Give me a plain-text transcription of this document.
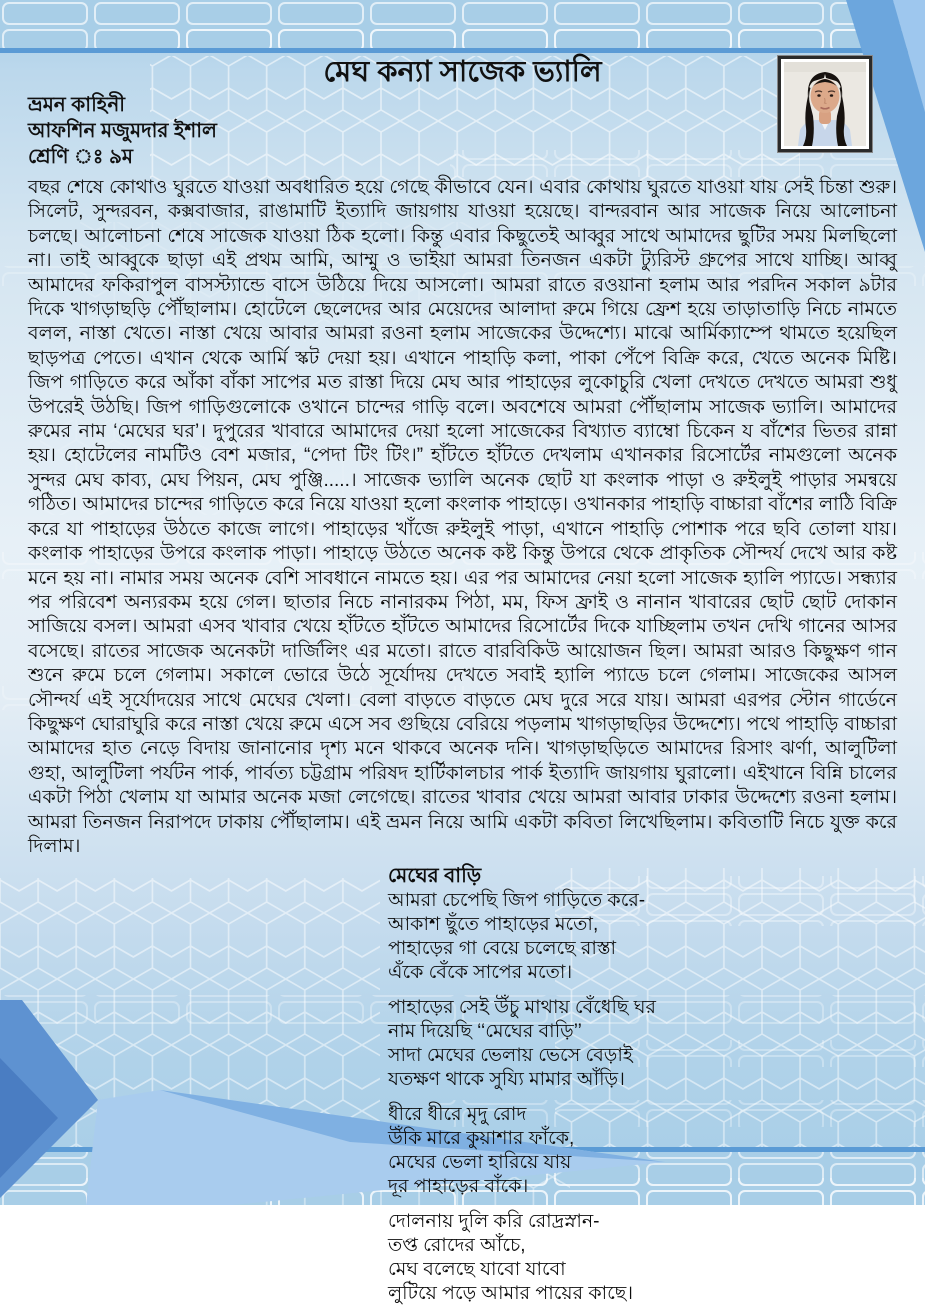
মেঘ কন্যা সাজেক ভ্যালি
ভ্রমন কাহিনী
আফশিন মজুমদার ইশাল
শ্রেণি ঃ ৯ম

বছর শেষে কোথাও ঘুরতে যাওয়া অবধারিত হয়ে গেছে কীভাবে যেন। এবার কোথায় ঘুরতে যাওয়া যায় সেই চিন্তা শুরু। সিলেট, সুন্দরবন, কক্সবাজার, রাঙামাটি ইত্যাদি জায়গায় যাওয়া হয়েছে। বান্দরবান আর সাজেক নিয়ে আলোচনা চলছে। আলোচনা শেষে সাজেক যাওয়া ঠিক হলো। কিন্তু এবার কিছুতেই আব্বুর সাথে আমাদের ছুটির সময় মিলছিলো না। তাই আব্বুকে ছাড়া এই প্রথম আমি, আম্মু ও ভাইয়া আমরা তিনজন একটা ট্যুরিস্ট গ্রুপের সাথে যাচ্ছি। আব্বু আমাদের ফকিরাপুল বাসস্ট্যান্ডে বাসে উঠিয়ে দিয়ে আসলো। আমরা রাতে রওয়ানা হলাম আর পরদিন সকাল ৯টার দিকে খাগড়াছড়ি পৌঁছালাম। হোটেলে ছেলেদের আর মেয়েদের আলাদা রুমে গিয়ে ফ্রেশ হয়ে তাড়াতাড়ি নিচে নামতে বলল, নাস্তা খেতে। নাস্তা খেয়ে আবার আমরা রওনা হলাম সাজেকের উদ্দেশ্যে। মাঝে আর্মিক্যাম্পে থামতে হয়েছিল ছাড়পত্র পেতে। এখান থেকে আর্মি স্কট দেয়া হয়। এখানে পাহাড়ি কলা, পাকা পেঁপে বিক্রি করে, খেতে অনেক মিষ্টি। জিপ গাড়িতে করে আঁকা বাঁকা সাপের মত রাস্তা দিয়ে মেঘ আর পাহাড়ের লুকোচুরি খেলা দেখতে দেখতে আমরা শুধু উপরেই উঠছি। জিপ গাড়িগুলোকে ওখানে চান্দের গাড়ি বলে। অবশেষে আমরা পৌঁছালাম সাজেক ভ্যালি। আমাদের রুমের নাম ‘মেঘের ঘর’। দুপুরের খাবারে আমাদের দেয়া হলো সাজেকের বিখ্যাত ব্যাম্বো চিকেন য বাঁশের ভিতর রান্না হয়। হোটেলের নামটিও বেশ মজার, “পেদা টিং টিং।” হাঁটতে হাঁটতে দেখলাম এখানকার রিসোর্টের নামগুলো অনেক সুন্দর মেঘ কাব্য, মেঘ পিয়ন, মেঘ পুঞ্জি.....। সাজেক ভ্যালি অনেক ছোট যা কংলাক পাড়া ও রুইলুই পাড়ার সমন্বয়ে গঠিত। আমাদের চান্দের গাড়িতে করে নিয়ে যাওয়া হলো কংলাক পাহাড়ে। ওখানকার পাহাড়ি বাচ্চারা বাঁশের লাঠি বিক্রি করে যা পাহাড়ের উঠতে কাজে লাগে। পাহাড়ের খাঁজে রুইলুই পাড়া, এখানে পাহাড়ি পোশাক পরে ছবি তোলা যায়। কংলাক পাহাড়ের উপরে কংলাক পাড়া। পাহাড়ে উঠতে অনেক কষ্ট কিন্তু উপরে থেকে প্রাকৃতিক সৌন্দর্য দেখে আর কষ্ট মনে হয় না। নামার সময় অনেক বেশি সাবধানে নামতে হয়। এর পর আমাদের নেয়া হলো সাজেক হ্যালি প্যাডে। সন্ধ্যার পর পরিবেশ অন্যরকম হয়ে গেল। ছাতার নিচে নানারকম পিঠা, মম, ফিস ফ্রাই ও নানান খাবারের ছোট ছোট দোকান সাজিয়ে বসল। আমরা এসব খাবার খেয়ে হাঁটতে হাঁটতে আমাদের রিসোর্টের দিকে যাচ্ছিলাম তখন দেখি গানের আসর বসেছে। রাতের সাজেক অনেকটা দার্জিলিং এর মতো। রাতে বারবিকিউ আয়োজন ছিল। আমরা আরও কিছুক্ষণ গান শুনে রুমে চলে গেলাম। সকালে ভোরে উঠে সূর্যোদয় দেখতে সবাই হ্যালি প্যাডে চলে গেলাম। সাজেকের আসল সৌন্দর্য এই সূর্যোদয়ের সাথে মেঘের খেলা। বেলা বাড়তে বাড়তে মেঘ দুরে সরে যায়। আমরা এরপর স্টোন গার্ডেনে কিছুক্ষণ ঘোরাঘুরি করে নাস্তা খেয়ে রুমে এসে সব গুছিয়ে বেরিয়ে পড়লাম খাগড়াছড়ির উদ্দেশ্যে। পথে পাহাড়ি বাচ্চারা আমাদের হাত নেড়ে বিদায় জানানোর দৃশ্য মনে থাকবে অনেক দনি। খাগড়াছড়িতে আমাদের রিসাং ঝর্ণা, আলুটিলা গুহা, আলুটিলা পর্যটন পার্ক, পার্বত্য চট্টগ্রাম পরিষদ হার্টিকালচার পার্ক ইত্যাদি জায়গায় ঘুরালো। এইখানে বিন্নি চালের একটা পিঠা খেলাম যা আমার অনেক মজা লেগেছে। রাতের খাবার খেয়ে আমরা আবার ঢাকার উদ্দেশ্যে রওনা হলাম। আমরা তিনজন নিরাপদে ঢাকায় পৌঁছালাম। এই ভ্রমন নিয়ে আমি একটা কবিতা লিখেছিলাম। কবিতাটি নিচে যুক্ত করে দিলাম।

মেঘের বাড়ি
আমরা চেপেছি জিপ গাড়িতে করে-
আকাশ ছুঁতে পাহাড়ের মতো,
পাহাড়ের গা বেয়ে চলেছে রাস্তা
এঁকে বেঁকে সাপের মতো।
পাহাড়ের সেই উঁচু মাথায় বেঁধেছি ঘর
নাম দিয়েছি ‘‘মেঘের বাড়ি’’
সাদা মেঘের ভেলায় ভেসে বেড়াই
যতক্ষণ থাকে সুয্যি মামার আঁড়ি।
ধীরে ধীরে মৃদু রোদ
উঁকি মারে কুয়াশার ফাঁকে,
মেঘের ভেলা হারিয়ে যায়
দূর পাহাড়ের বাঁকে।
দোলনায় দুলি করি রোদ্রস্নান-
তপ্ত রোদের আঁচে,
মেঘ বলেছে যাবো যাবো
লুটিয়ে পড়ে আমার পায়ের কাছে।
